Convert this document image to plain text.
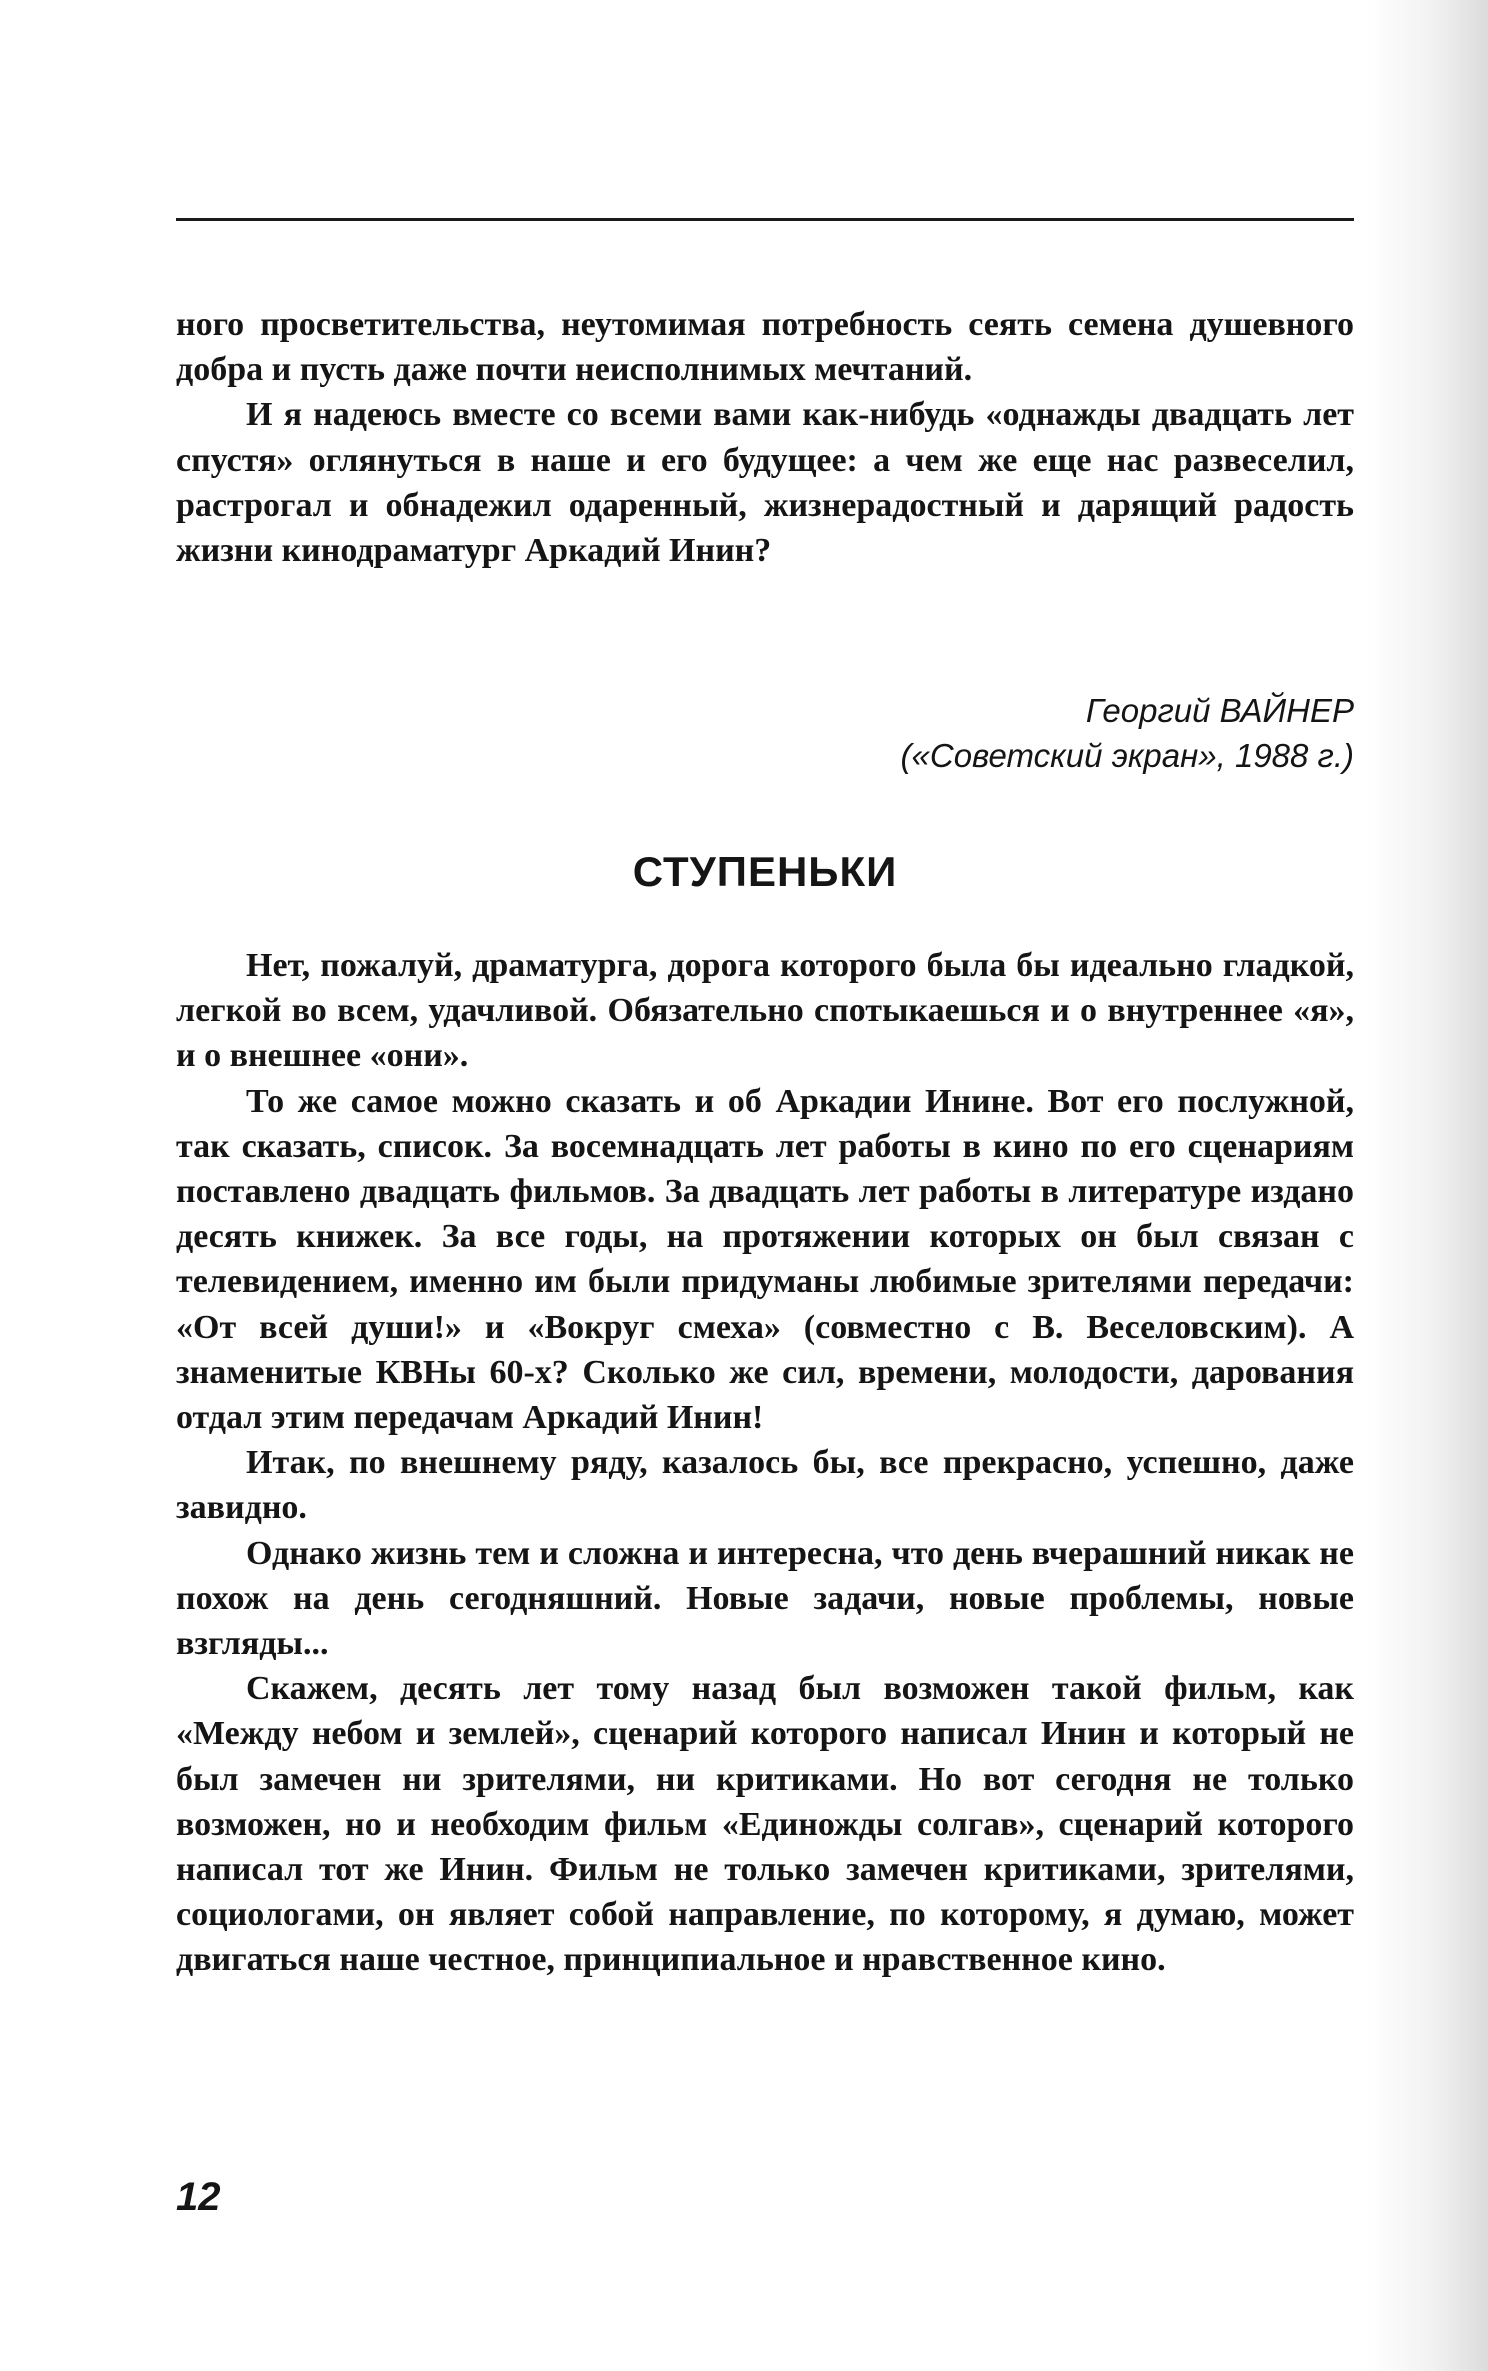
ного просветительства, неутомимая потребность сеять семена душевного добра и пусть даже почти неисполнимых мечтаний.

И я надеюсь вместе со всеми вами как-нибудь «однажды двадцать лет спустя» оглянуться в наше и его будущее: а чем же еще нас развеселил, растрогал и обнадежил одаренный, жизнерадостный и дарящий радость жизни кинодраматург Аркадий Инин?

Георгий ВАЙНЕР
(«Советский экран», 1988 г.)
СТУПЕНЬКИ

Нет, пожалуй, драматурга, дорога которого была бы идеально гладкой, легкой во всем, удачливой. Обязательно спотыкаешься и о внутреннее «я», и о внешнее «они».

То же самое можно сказать и об Аркадии Инине. Вот его послужной, так сказать, список. За восемнадцать лет работы в кино по его сценариям поставлено двадцать фильмов. За двадцать лет работы в литературе издано десять книжек. За все годы, на протяжении которых он был связан с телевидением, именно им были придуманы любимые зрителями передачи: «От всей души!» и «Вокруг смеха» (совместно с В. Веселовским). А знаменитые КВНы 60-х? Сколько же сил, времени, молодости, дарования отдал этим передачам Аркадий Инин!

Итак, по внешнему ряду, казалось бы, все прекрасно, успешно, даже завидно.

Однако жизнь тем и сложна и интересна, что день вчерашний никак не похож на день сегодняшний. Новые задачи, новые проблемы, новые взгляды...

Скажем, десять лет тому назад был возможен такой фильм, как «Между небом и землей», сценарий которого написал Инин и который не был замечен ни зрителями, ни критиками. Но вот сегодня не только возможен, но и необходим фильм «Единожды солгав», сценарий которого написал тот же Инин. Фильм не только замечен критиками, зрителями, социологами, он являет собой направление, по которому, я думаю, может двигаться наше честное, принципиальное и нравственное кино.

12
